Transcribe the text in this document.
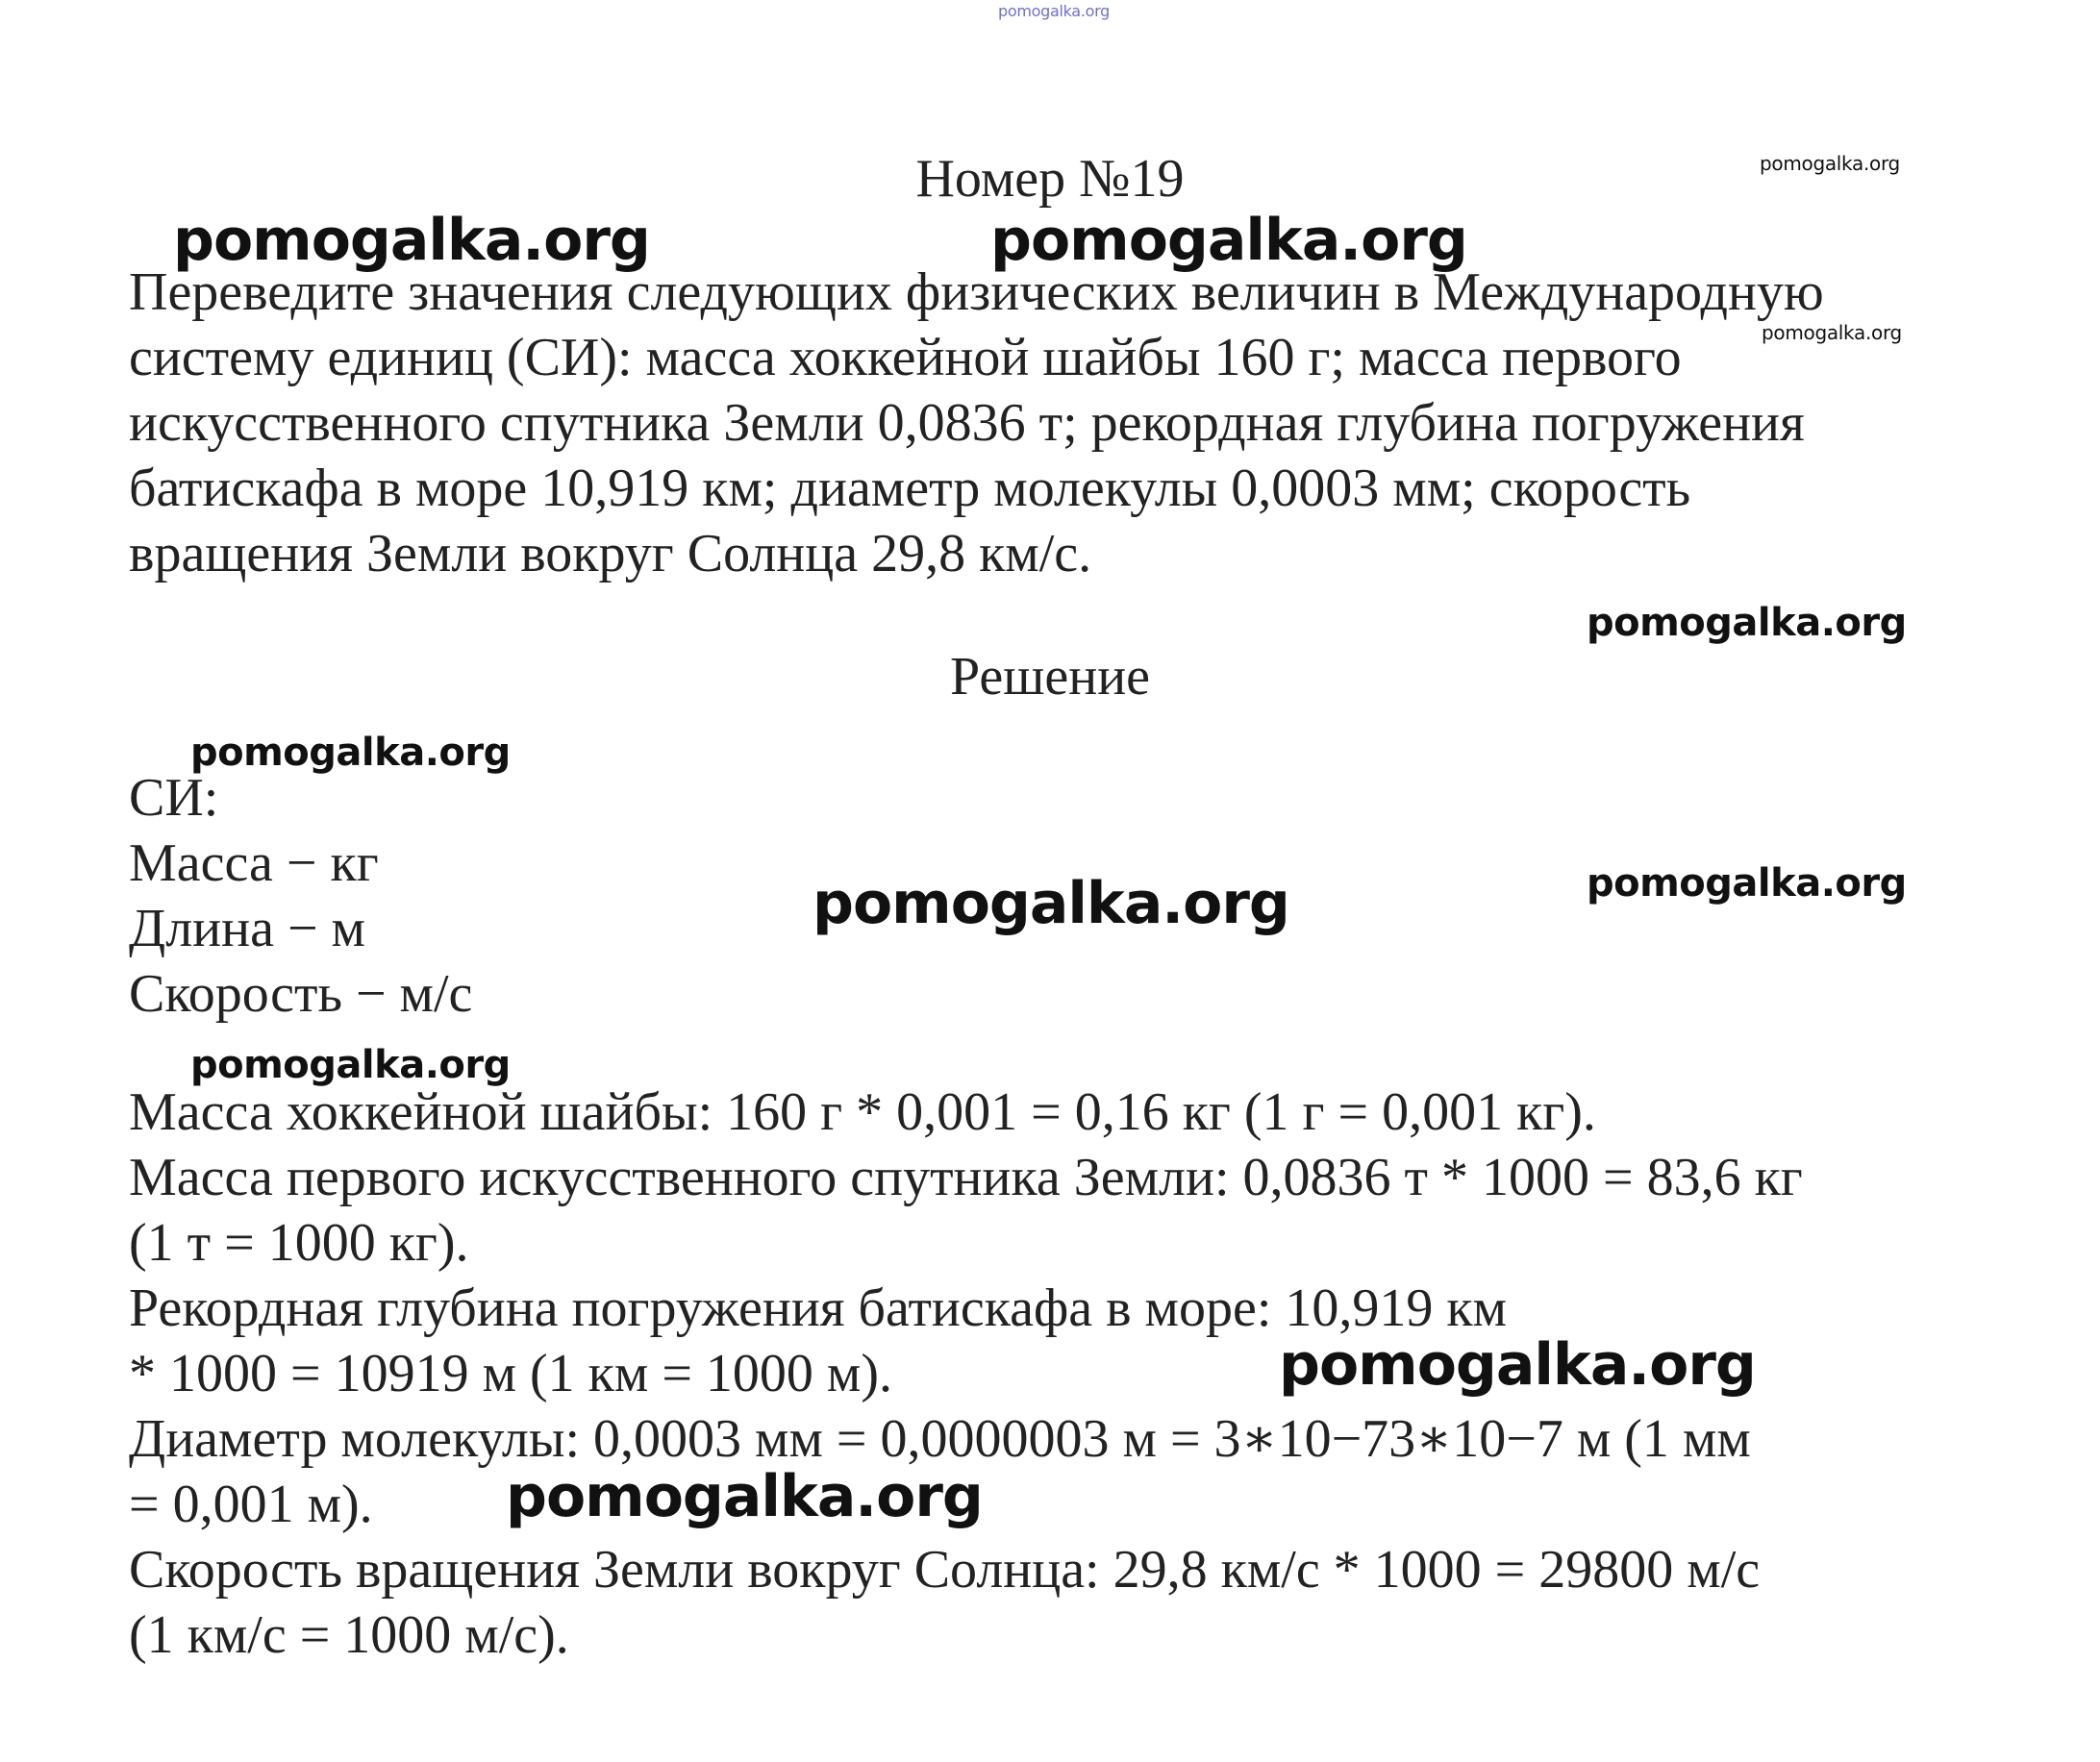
pomogalka.org
Номер №19
Переведите значения следующих физических величин в Международную
систему единиц (СИ): масса хоккейной шайбы 160 г; масса первого
искусственного спутника Земли 0,0836 т; рекордная глубина погружения
батискафа в море 10,919 км; диаметр молекулы 0,0003 мм; скорость
вращения Земли вокруг Солнца 29,8 км/с.
Решение
СИ:
Масса − кг
Длина − м
Скорость − м/с
Масса хоккейной шайбы: 160 г * 0,001 = 0,16 кг (1 г = 0,001 кг).
Масса первого искусственного спутника Земли: 0,0836 т * 1000 = 83,6 кг
(1 т = 1000 кг).
Рекордная глубина погружения батискафа в море: 10,919 км
* 1000 = 10919 м (1 км = 1000 м).
Диаметр молекулы: 0,0003 мм = 0,0000003 м = 3∗10−73∗10−7 м (1 мм
= 0,001 м).
Скорость вращения Земли вокруг Солнца: 29,8 км/с * 1000 = 29800 м/с
(1 км/с = 1000 м/с).
pomogalka.org
pomogalka.org	pomogalka.org
pomogalka.org
pomogalka.org
pomogalka.org
pomogalka.org	pomogalka.org
pomogalka.org
pomogalka.org
pomogalka.org
